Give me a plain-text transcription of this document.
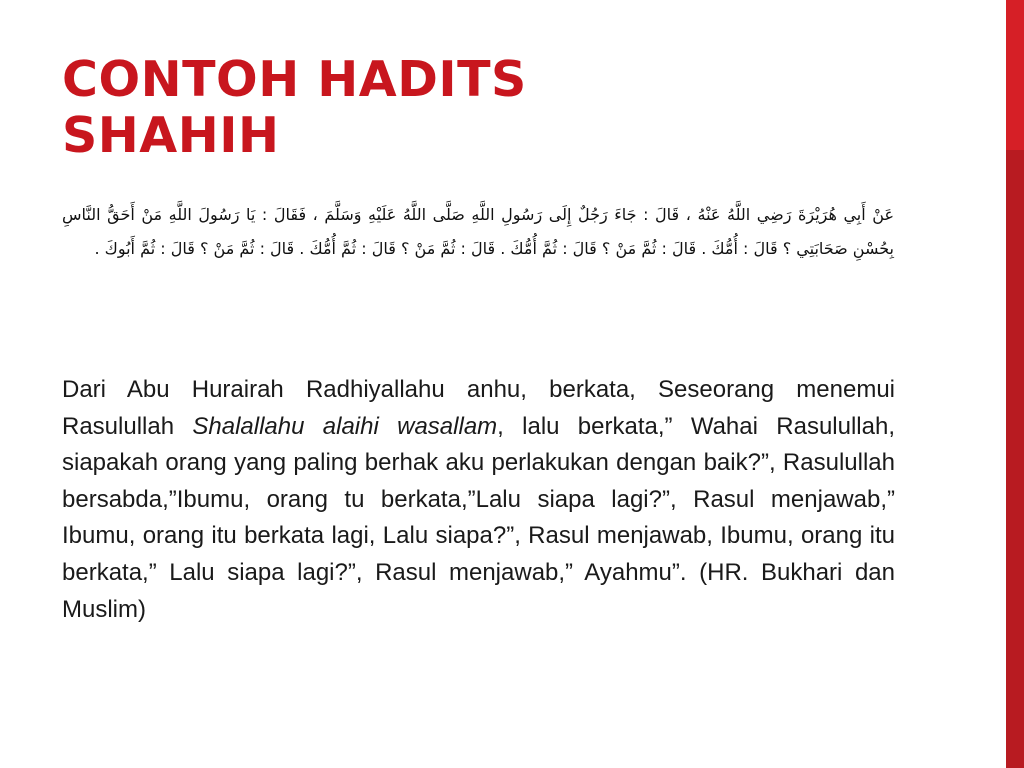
CONTOH HADITS
SHAHIH

عَنْ أَبِي هُرَيْرَةَ رَضِي اللَّهُ عَنْهُ ، قَالَ : جَاءَ رَجُلٌ إِلَى رَسُولِ اللَّهِ صَلَّى اللَّهُ عَلَيْهِ وَسَلَّمَ ، فَقَالَ : يَا رَسُولَ اللَّهِ مَنْ أَحَقُّ النَّاسِ بِحُسْنِ صَحَابَتِي ؟ قَالَ : أُمُّكَ . قَالَ : ثُمَّ مَنْ ؟ قَالَ : ثُمَّ أُمُّكَ . قَالَ : ثُمَّ مَنْ ؟ قَالَ : ثُمَّ أُمُّكَ . قَالَ : ثُمَّ مَنْ ؟ قَالَ : ثُمَّ أَبُوكَ .

Dari Abu Hurairah Radhiyallahu anhu, berkata, Seseorang menemui Rasulullah Shalallahu alaihi wasallam, lalu berkata,” Wahai Rasulullah, siapakah orang yang paling berhak aku perlakukan dengan baik?”, Rasulullah bersabda,”Ibumu, orang tu berkata,”Lalu siapa lagi?”, Rasul menjawab,” Ibumu, orang itu berkata lagi, Lalu siapa?”, Rasul menjawab, Ibumu, orang itu berkata,” Lalu siapa lagi?”, Rasul menjawab,” Ayahmu”. (HR. Bukhari dan Muslim)
